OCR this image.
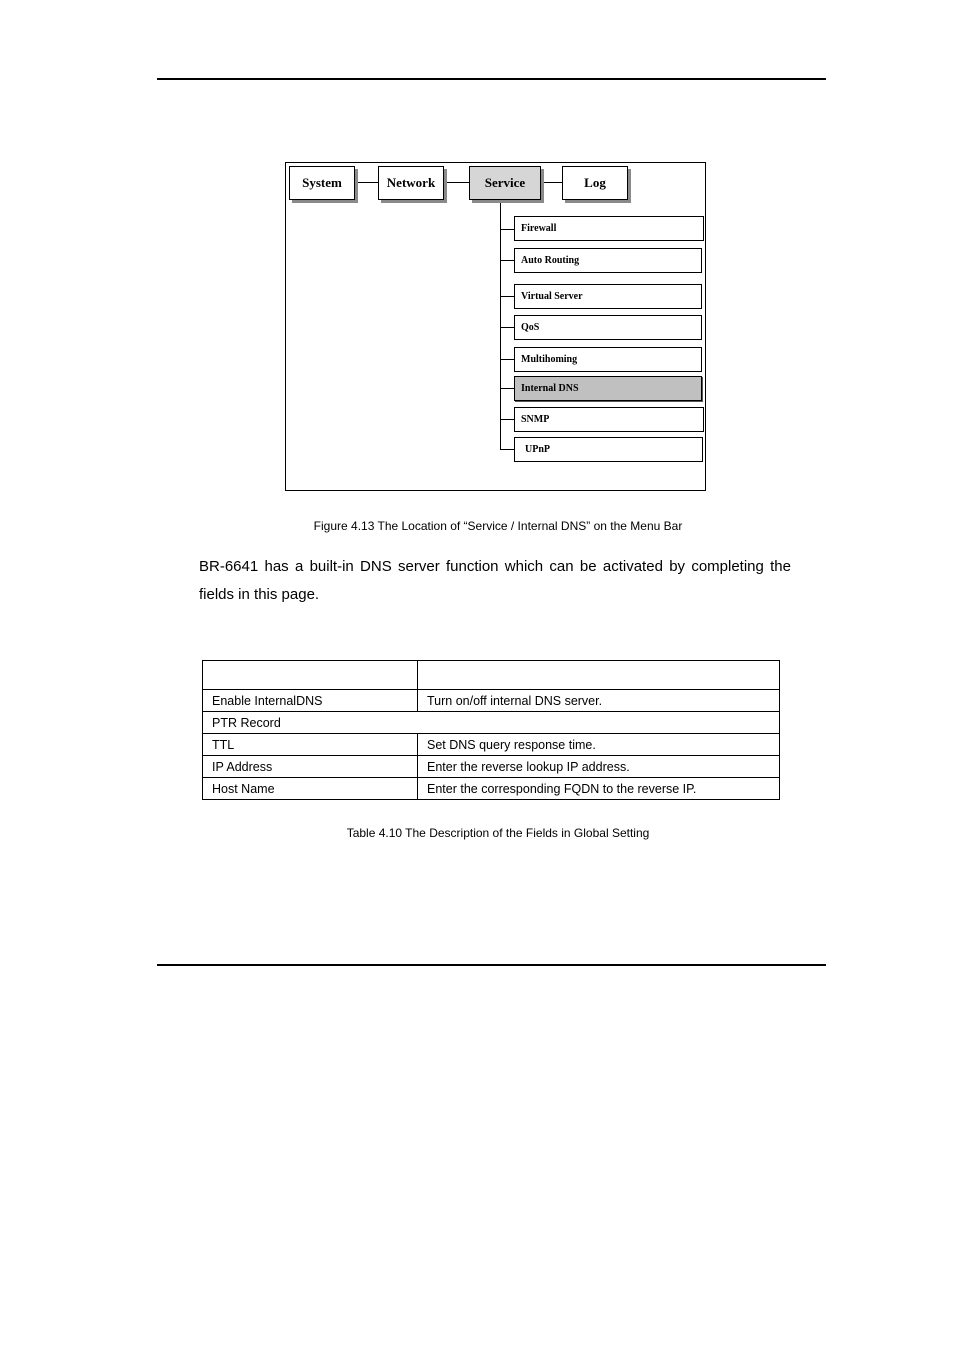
System	Network	Service	Log
Firewall
Auto Routing
Virtual Server
QoS
Multihoming
Internal DNS
SNMP
UPnP
Figure 4.13 The Location of “Service / Internal DNS” on the Menu Bar

BR-6641 has a built-in DNS server function which can be activated by completing the fields in this page.

Enable InternalDNS	Turn on/off internal DNS server.
PTR Record	
TTL	Set DNS query response time.
IP Address	Enter the reverse lookup IP address.
Host Name	Enter the corresponding FQDN to the reverse IP.
Table 4.10 The Description of the Fields in Global Setting
